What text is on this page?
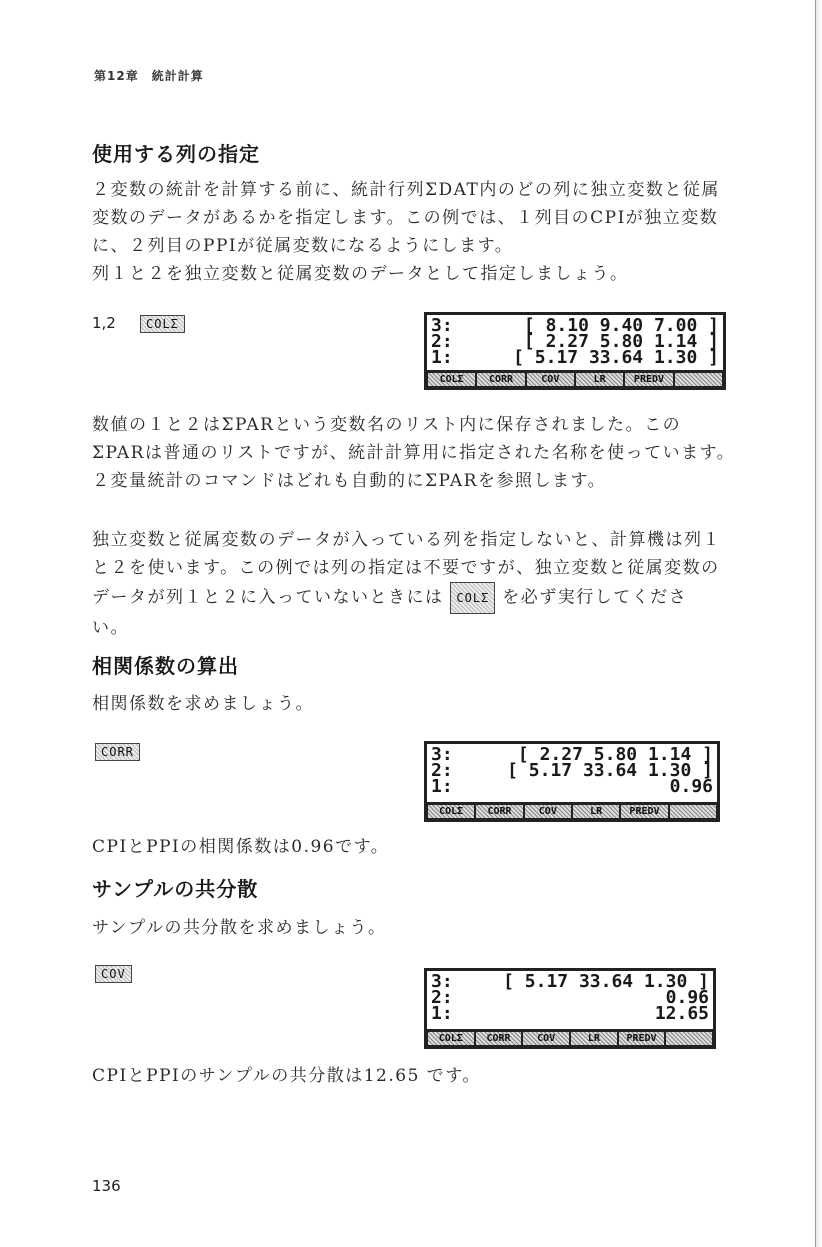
第12章　統計計算
使用する列の指定
２変数の統計を計算する前に、統計行列ΣDAT内のどの列に独立変数と従属
変数のデータがあるかを指定します。この例では、１列目のCPIが独立変数
に、２列目のPPIが従属変数になるようにします。
列１と２を独立変数と従属変数のデータとして指定しましょう。
1,2	COLΣ	3:	[ 8.10 9.40 7.00 ]
2:	[ 2.27 5.80 1.14 ]
1:	[ 5.17 33.64 1.30 ]
COLΣ	CORR	COV	LR	PREDV
数値の１と２はΣPARという変数名のリスト内に保存されました。この
ΣPARは普通のリストですが、統計計算用に指定された名称を使っています。
２変量統計のコマンドはどれも自動的にΣPARを参照します。
独立変数と従属変数のデータが入っている列を指定しないと、計算機は列１
と２を使います。この例では列の指定は不要ですが、独立変数と従属変数の
データが列１と２に入っていないときには COLΣ を必ず実行してくださ
い。
相関係数の算出
相関係数を求めましょう。
CORR	3:	[ 2.27 5.80 1.14 ]
2:	[ 5.17 33.64 1.30 ]
1:	0.96
COLΣ	CORR	COV	LR	PREDV
CPIとPPIの相関係数は0.96です。
サンプルの共分散
サンプルの共分散を求めましょう。
COV	3:	[ 5.17 33.64 1.30 ]
2:	0.96
1:	12.65
COLΣ	CORR	COV	LR	PREDV
CPIとPPIのサンプルの共分散は12.65 です。
136
